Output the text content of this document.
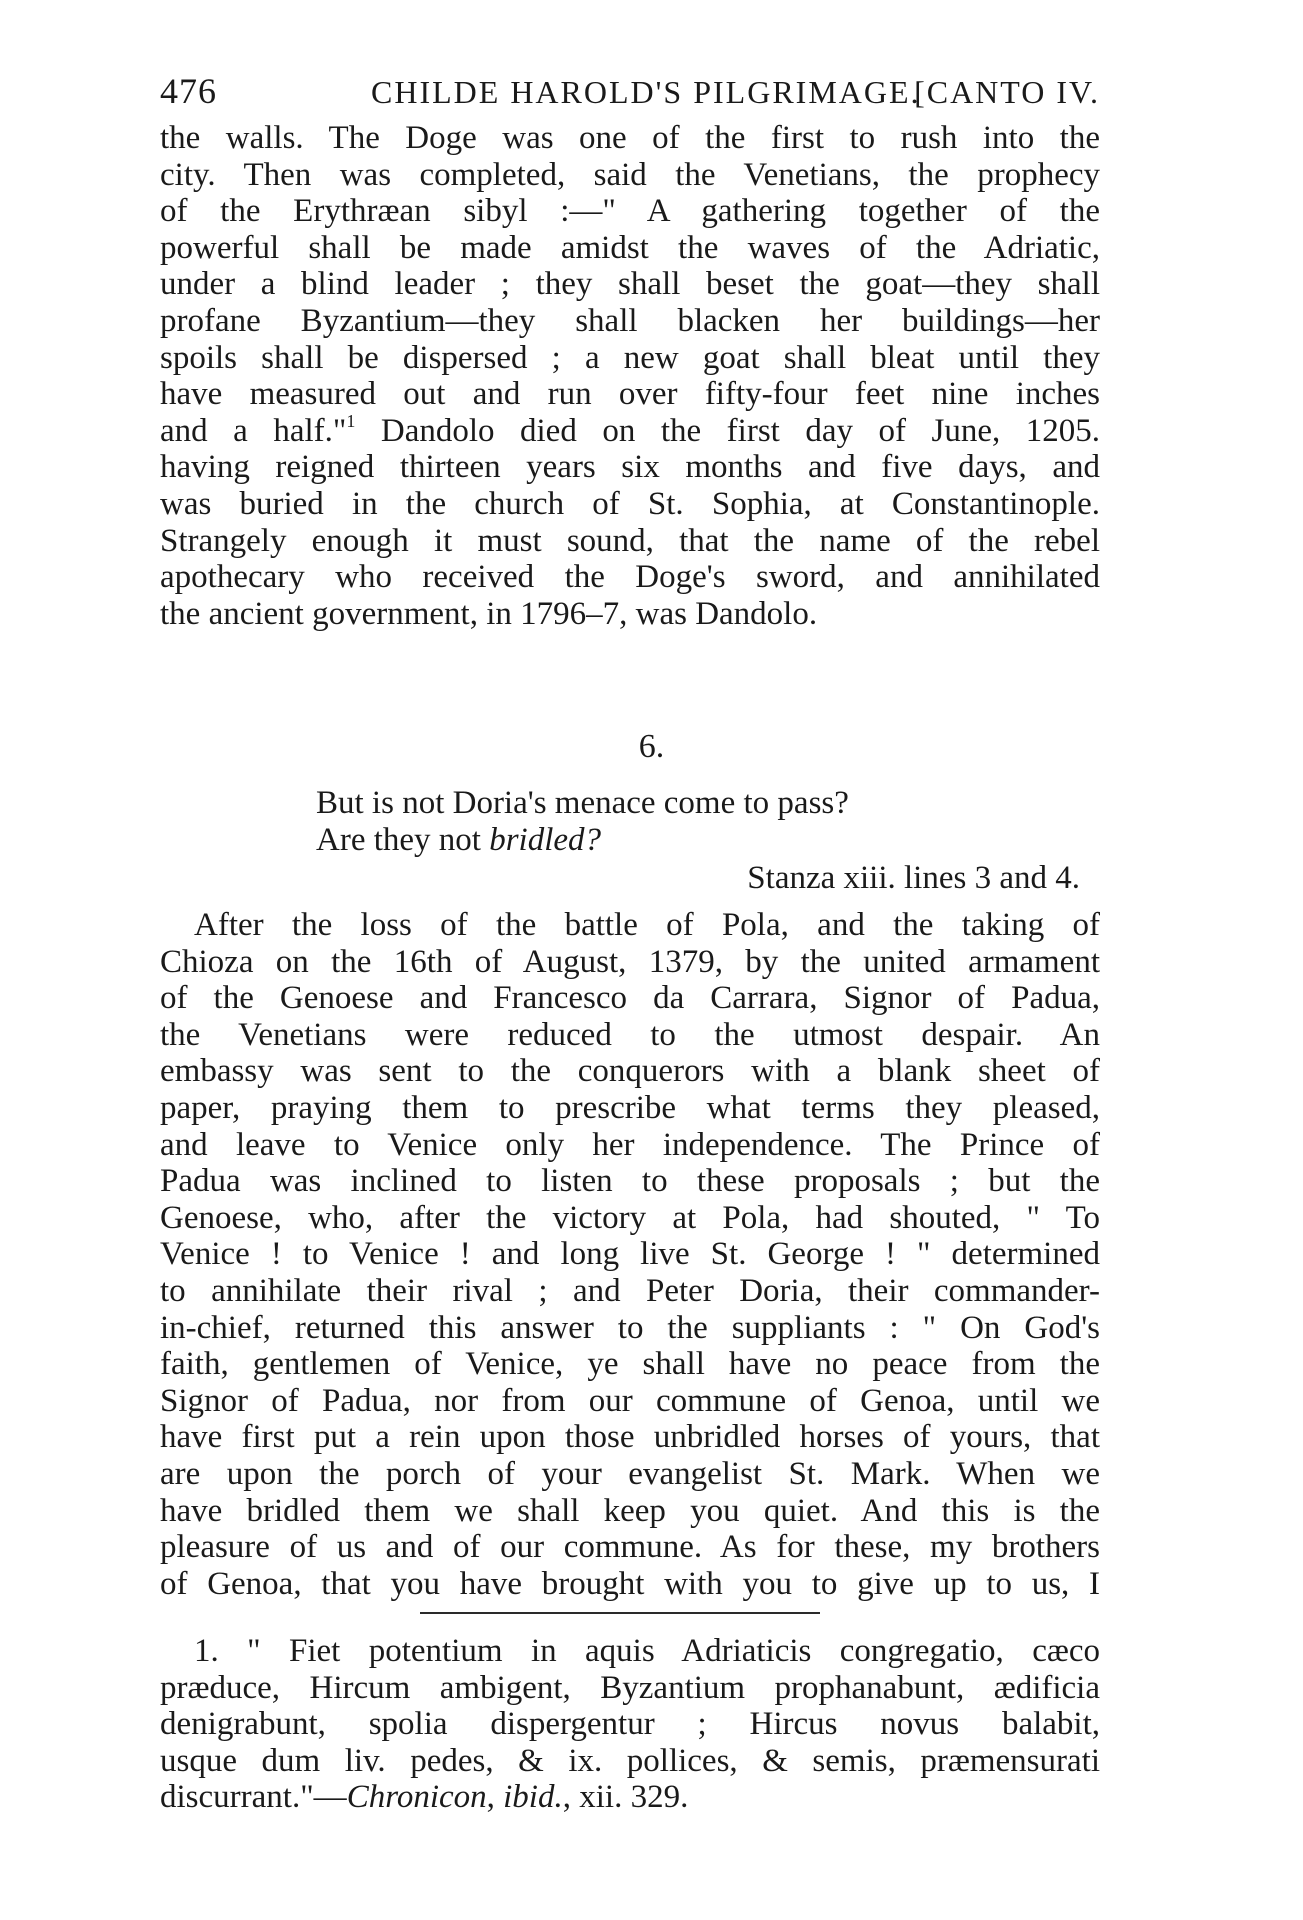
476	CHILDE HAROLD'S PILGRIMAGE.
[CANTO IV.
the walls. The Doge was one of the first to rush into the
city. Then was completed, said the Venetians, the prophecy
of the Erythræan sibyl :—" A gathering together of the
powerful shall be made amidst the waves of the Adriatic,
under a blind leader ; they shall beset the goat—they shall
profane Byzantium—they shall blacken her buildings—her
spoils shall be dispersed ; a new goat shall bleat until they
have measured out and run over fifty-four feet nine inches
and a half."$^1$ Dandolo died on the first day of June, 1205.
having reigned thirteen years six months and five days, and
was buried in the church of St. Sophia, at Constantinople.
Strangely enough it must sound, that the name of the rebel
apothecary who received the Doge's sword, and annihilated
the ancient government, in 1796–7, was Dandolo.
6.
But is not Doria's menace come to pass?
Are they not bridled?
Stanza xiii. lines 3 and 4.
After the loss of the battle of Pola, and the taking of
Chioza on the 16th of August, 1379, by the united armament
of the Genoese and Francesco da Carrara, Signor of Padua,
the Venetians were reduced to the utmost despair. An
embassy was sent to the conquerors with a blank sheet of
paper, praying them to prescribe what terms they pleased,
and leave to Venice only her independence. The Prince of
Padua was inclined to listen to these proposals ; but the
Genoese, who, after the victory at Pola, had shouted, " To
Venice ! to Venice ! and long live St. George ! " determined
to annihilate their rival ; and Peter Doria, their commander-
in-chief, returned this answer to the suppliants : " On God's
faith, gentlemen of Venice, ye shall have no peace from the
Signor of Padua, nor from our commune of Genoa, until we
have first put a rein upon those unbridled horses of yours, that
are upon the porch of your evangelist St. Mark. When we
have bridled them we shall keep you quiet. And this is the
pleasure of us and of our commune. As for these, my brothers
of Genoa, that you have brought with you to give up to us, I
1. " Fiet potentium in aquis Adriaticis congregatio, cæco
præduce, Hircum ambigent, Byzantium prophanabunt, ædificia
denigrabunt, spolia dispergentur ; Hircus novus balabit,
usque dum liv. pedes, & ix. pollices, & semis, præmensurati
discurrant."—Chronicon, ibid., xii. 329.
